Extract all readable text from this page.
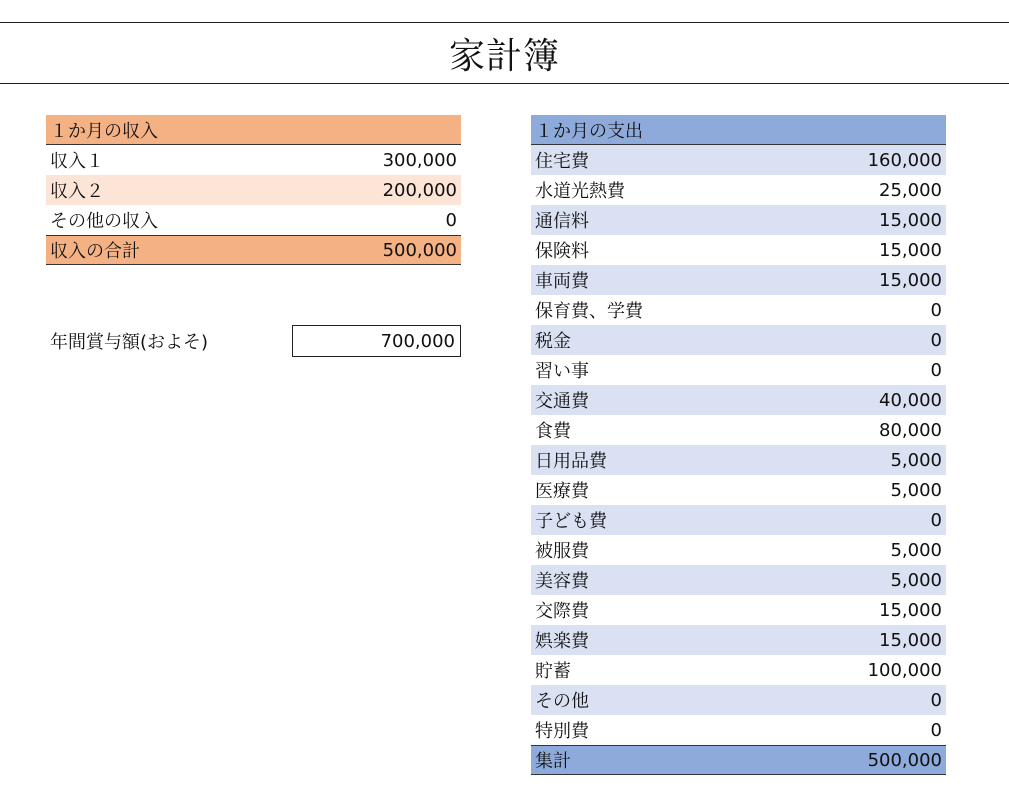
家計簿
１か月の収入
収入１	300,000
収入２	200,000
その他の収入	0
収入の合計	500,000
年間賞与額(およそ)	700,000
１か月の支出
住宅費	160,000
水道光熱費	25,000
通信料	15,000
保険料	15,000
車両費	15,000
保育費、学費	0
税金	0
習い事	0
交通費	40,000
食費	80,000
日用品費	5,000
医療費	5,000
子ども費	0
被服費	5,000
美容費	5,000
交際費	15,000
娯楽費	15,000
貯蓄	100,000
その他	0
特別費	0
集計	500,000
